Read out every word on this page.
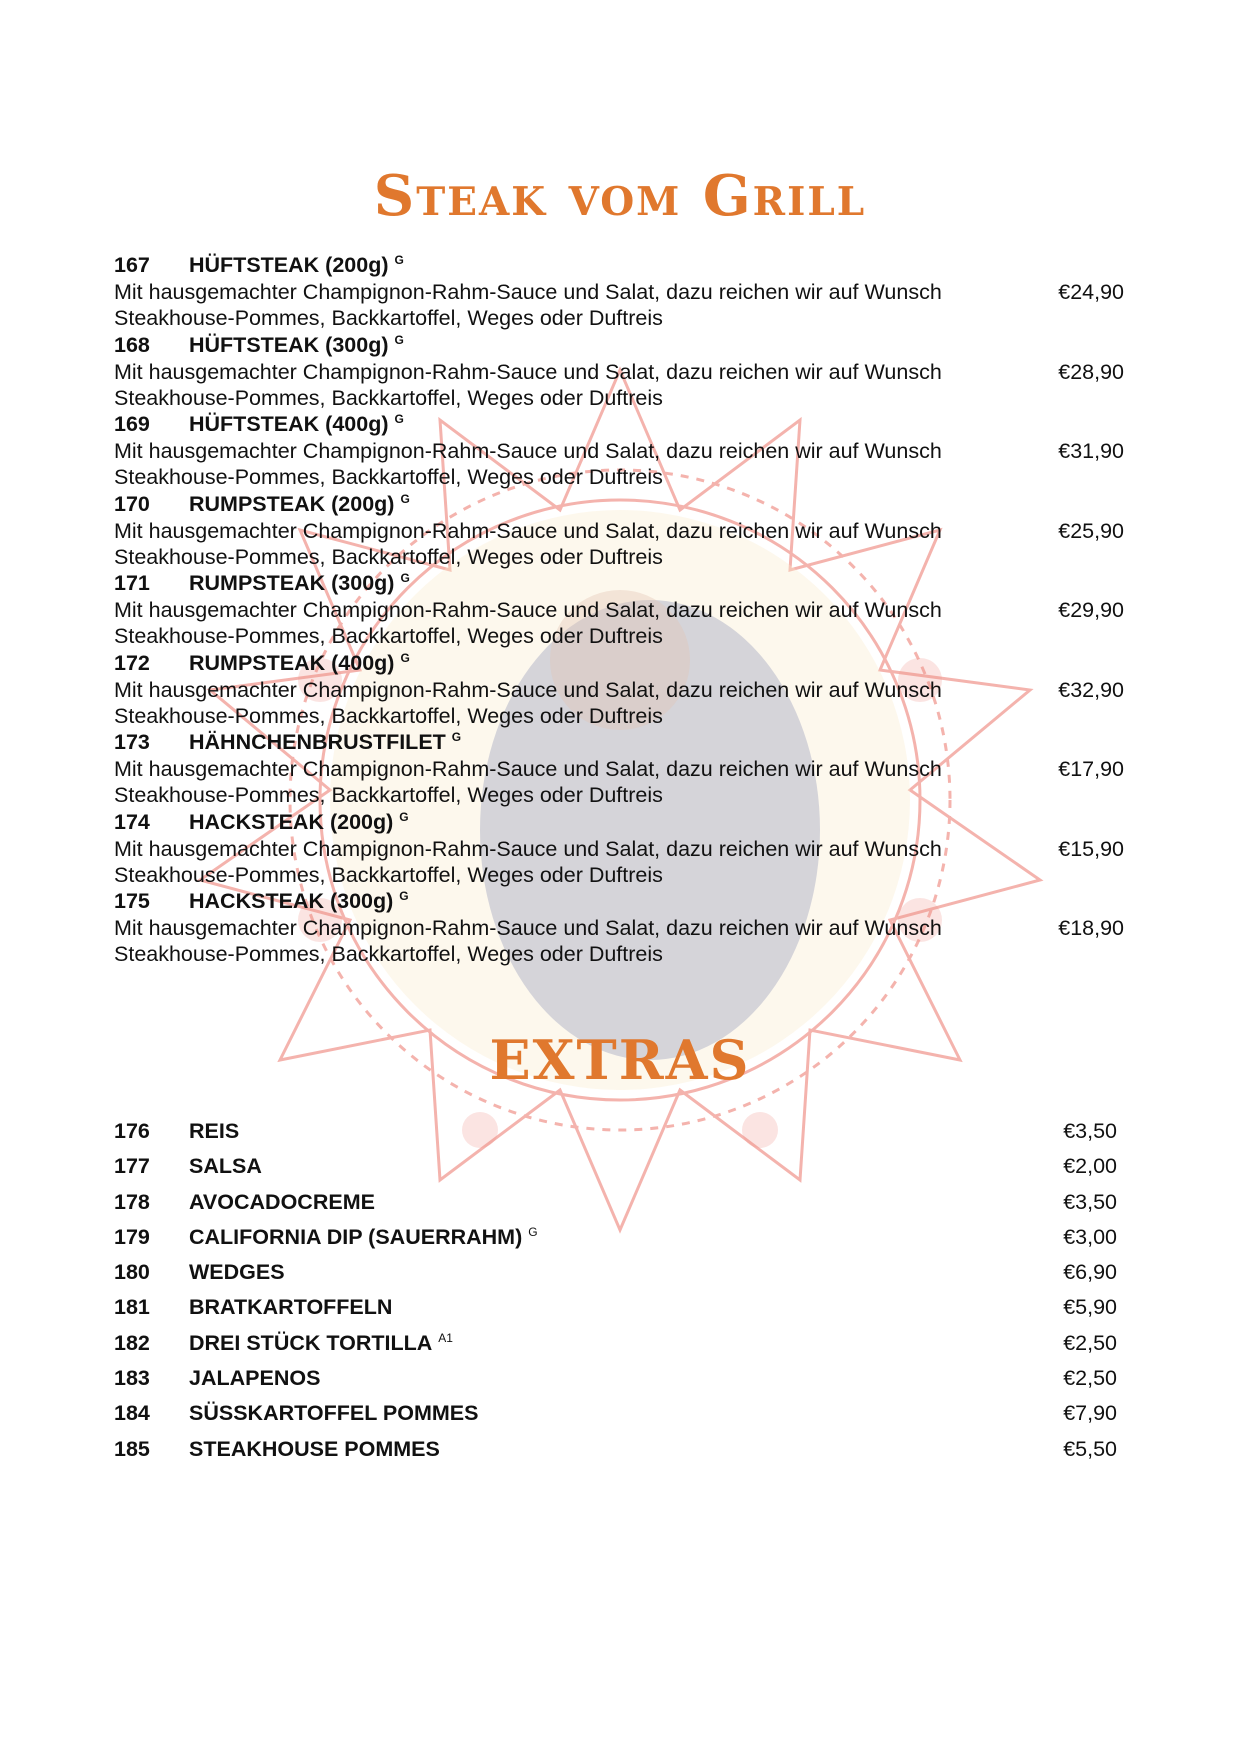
Steak vom Grill
167 HÜFTSTEAK (200g) $^G$
Mit hausgemachter Champignon-Rahm-Sauce und Salat, dazu reichen wir auf Wunsch Steakhouse-Pommes, Backkartoffel, Weges oder Duftreis
€24,90
168 HÜFTSTEAK (300g) $^G$
Mit hausgemachter Champignon-Rahm-Sauce und Salat, dazu reichen wir auf Wunsch Steakhouse-Pommes, Backkartoffel, Weges oder Duftreis
€28,90
169 HÜFTSTEAK (400g) $^G$
Mit hausgemachter Champignon-Rahm-Sauce und Salat, dazu reichen wir auf Wunsch Steakhouse-Pommes, Backkartoffel, Weges oder Duftreis
€31,90
170 RUMPSTEAK (200g) $^G$
Mit hausgemachter Champignon-Rahm-Sauce und Salat, dazu reichen wir auf Wunsch Steakhouse-Pommes, Backkartoffel, Weges oder Duftreis
€25,90
171 RUMPSTEAK (300g) $^G$
Mit hausgemachter Champignon-Rahm-Sauce und Salat, dazu reichen wir auf Wunsch Steakhouse-Pommes, Backkartoffel, Weges oder Duftreis
€29,90
172 RUMPSTEAK (400g) $^G$
Mit hausgemachter Champignon-Rahm-Sauce und Salat, dazu reichen wir auf Wunsch Steakhouse-Pommes, Backkartoffel, Weges oder Duftreis
€32,90
173 HÄHNCHENBRUSTFILET $^G$
Mit hausgemachter Champignon-Rahm-Sauce und Salat, dazu reichen wir auf Wunsch Steakhouse-Pommes, Backkartoffel, Weges oder Duftreis
€17,90
174 HACKSTEAK (200g) $^G$
Mit hausgemachter Champignon-Rahm-Sauce und Salat, dazu reichen wir auf Wunsch Steakhouse-Pommes, Backkartoffel, Weges oder Duftreis
€15,90
175 HACKSTEAK (300g) $^G$
Mit hausgemachter Champignon-Rahm-Sauce und Salat, dazu reichen wir auf Wunsch Steakhouse-Pommes, Backkartoffel, Weges oder Duftreis
€18,90
EXTRAS
176 REIS	€3,50
177 SALSA	€2,00
178 AVOCADOCREME	€3,50
179 CALIFORNIA DIP (SAUERRAHM) $^G$	€3,00
180 WEDGES	€6,90
181 BRATKARTOFFELN	€5,90
182 DREI STÜCK TORTILLA $^{A1}$	€2,50
183 JALAPENOS	€2,50
184 SÜSSKARTOFFEL POMMES	€7,90
185 STEAKHOUSE POMMES	€5,50
